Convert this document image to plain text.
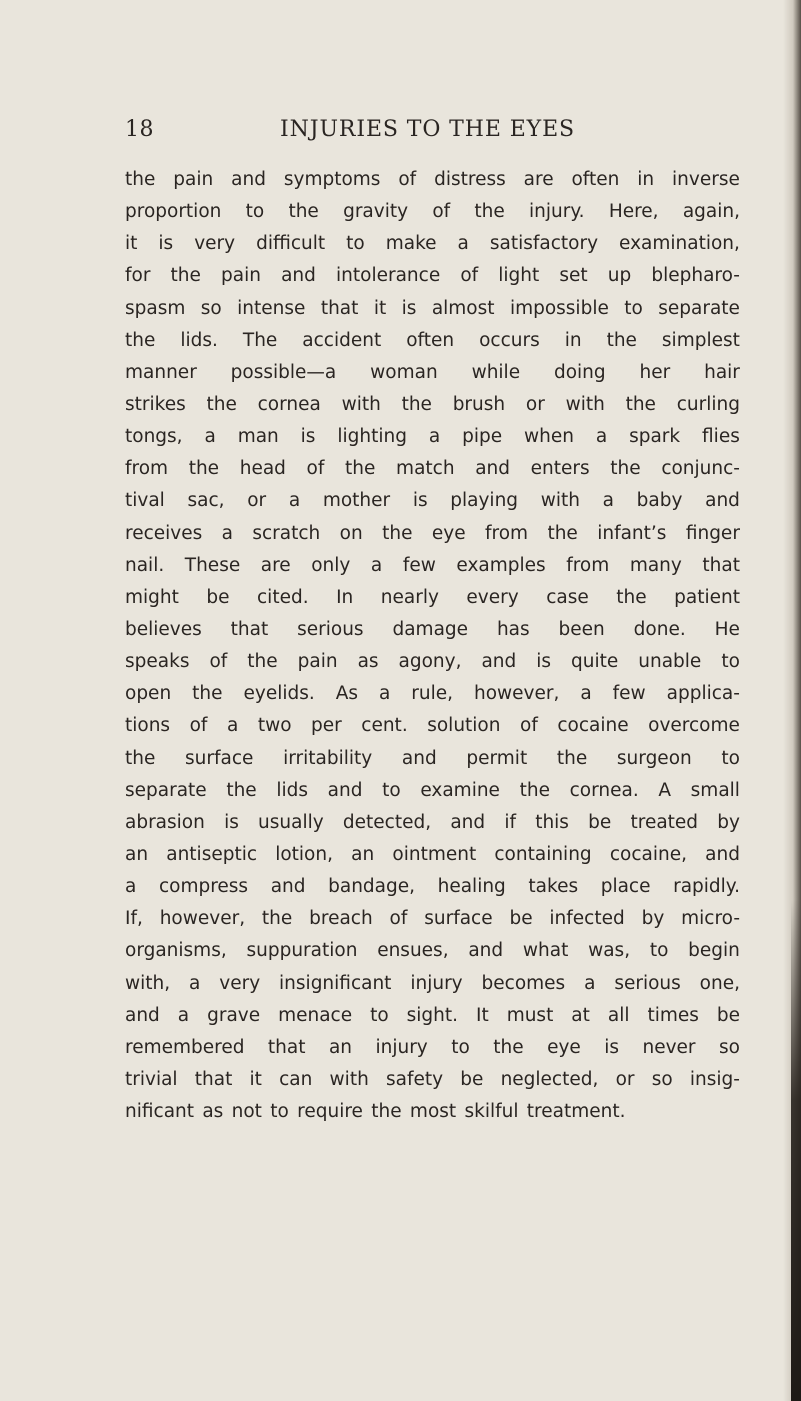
18	INJURIES TO THE EYES
the pain and symptoms of distress are often in inverse
proportion to the gravity of the injury. Here, again,
it is very difficult to make a satisfactory examination,
for the pain and intolerance of light set up blepharo-
spasm so intense that it is almost impossible to separate
the lids. The accident often occurs in the simplest
manner possible—a woman while doing her hair
strikes the cornea with the brush or with the curling
tongs, a man is lighting a pipe when a spark flies
from the head of the match and enters the conjunc-
tival sac, or a mother is playing with a baby and
receives a scratch on the eye from the infant’s finger
nail. These are only a few examples from many that
might be cited. In nearly every case the patient
believes that serious damage has been done. He
speaks of the pain as agony, and is quite unable to
open the eyelids. As a rule, however, a few applica-
tions of a two per cent. solution of cocaine overcome
the surface irritability and permit the surgeon to
separate the lids and to examine the cornea. A small
abrasion is usually detected, and if this be treated by
an antiseptic lotion, an ointment containing cocaine, and
a compress and bandage, healing takes place rapidly.
If, however, the breach of surface be infected by micro-
organisms, suppuration ensues, and what was, to begin
with, a very insignificant injury becomes a serious one,
and a grave menace to sight. It must at all times be
remembered that an injury to the eye is never so
trivial that it can with safety be neglected, or so insig-
nificant as not to require the most skilful treatment.
